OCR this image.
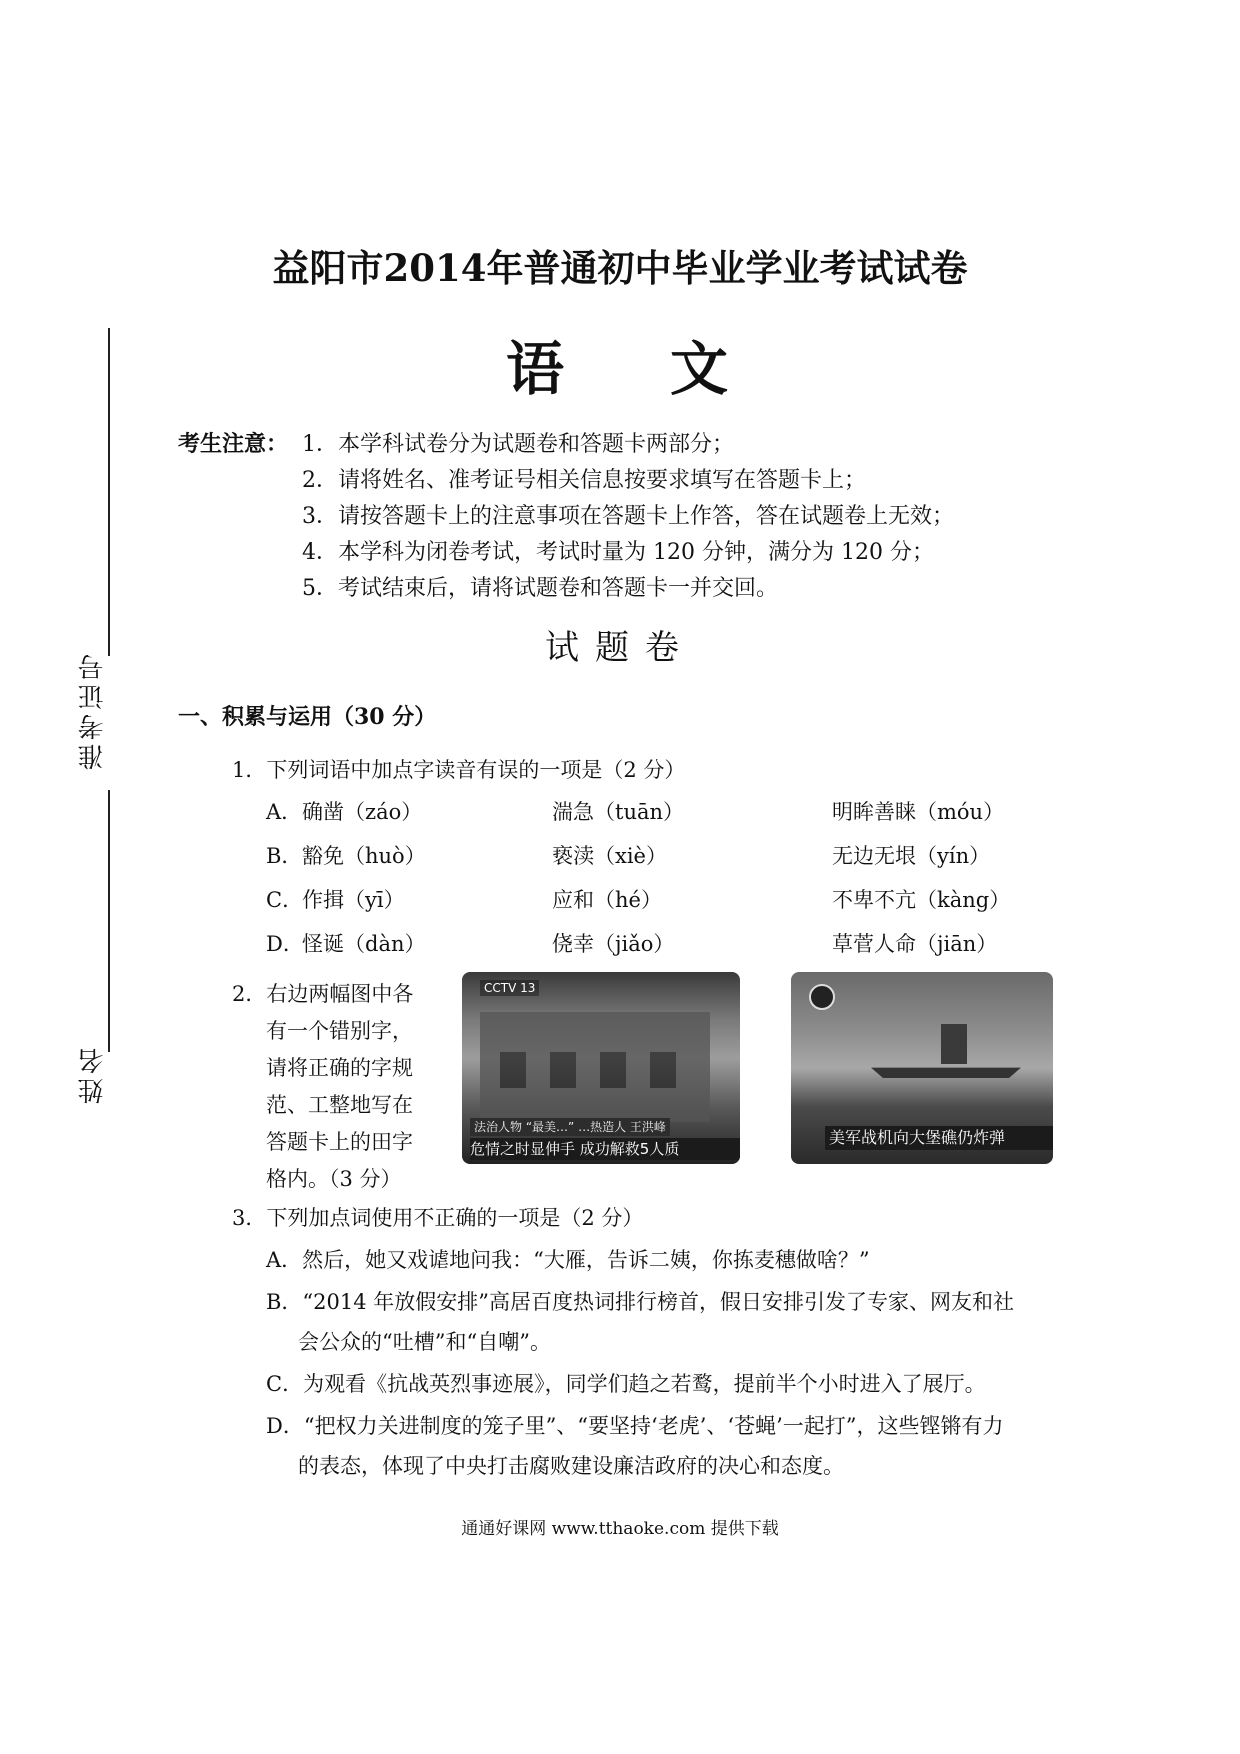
益阳市2014年普通初中毕业学业考试试卷
语 文
准考证号
姓名
考生注意： 1．本学科试卷分为试题卷和答题卡两部分；
2．请将姓名、准考证号相关信息按要求填写在答题卡上；
3．请按答题卡上的注意事项在答题卡上作答，答在试题卷上无效；
4．本学科为闭卷考试，考试时量为 120 分钟，满分为 120 分；
5．考试结束后，请将试题卷和答题卡一并交回。
试题卷
一、积累与运用（30 分）
1．下列词语中加点字读音有误的一项是（2 分）
A． 确凿（záo）	湍急（tuān）	明眸善睐（móu）
B． 豁免（huò）	亵渎（xiè）	无边无垠（yín）
C．
作揖（yī）	应和（hé）	不卑不亢（kàng）
D．
怪诞（dàn）	侥幸（jiǎo）	草菅人命（jiān）
2．右边两幅图中各
有一个错别字，
请将正确的字规
范、工整地写在
答题卡上的田字
格内。（3 分）
CCTV 13
法治人物 “最美…” …热造人 王洪峰
危情之时显伸手 成功解救5人质
美军战机向大堡礁仍炸弹
3．下列加点词使用不正确的一项是（2 分）
A．然后，她又戏谑地问我：“大雁，告诉二姨，你拣麦穗做啥？”
B．“2014 年放假安排”高居百度热词排行榜首，假日安排引发了专家、网友和社
会公众的“吐槽”和“自嘲”。
C．为观看《抗战英烈事迹展》，同学们趋之若鹜，提前半个小时进入了展厅。
D．“把权力关进制度的笼子里”、“要坚持‘老虎’、‘苍蝇’一起打”，这些铿锵有力
的表态，体现了中央打击腐败建设廉洁政府的决心和态度。
通通好课网 www.tthaoke.com 提供下载
